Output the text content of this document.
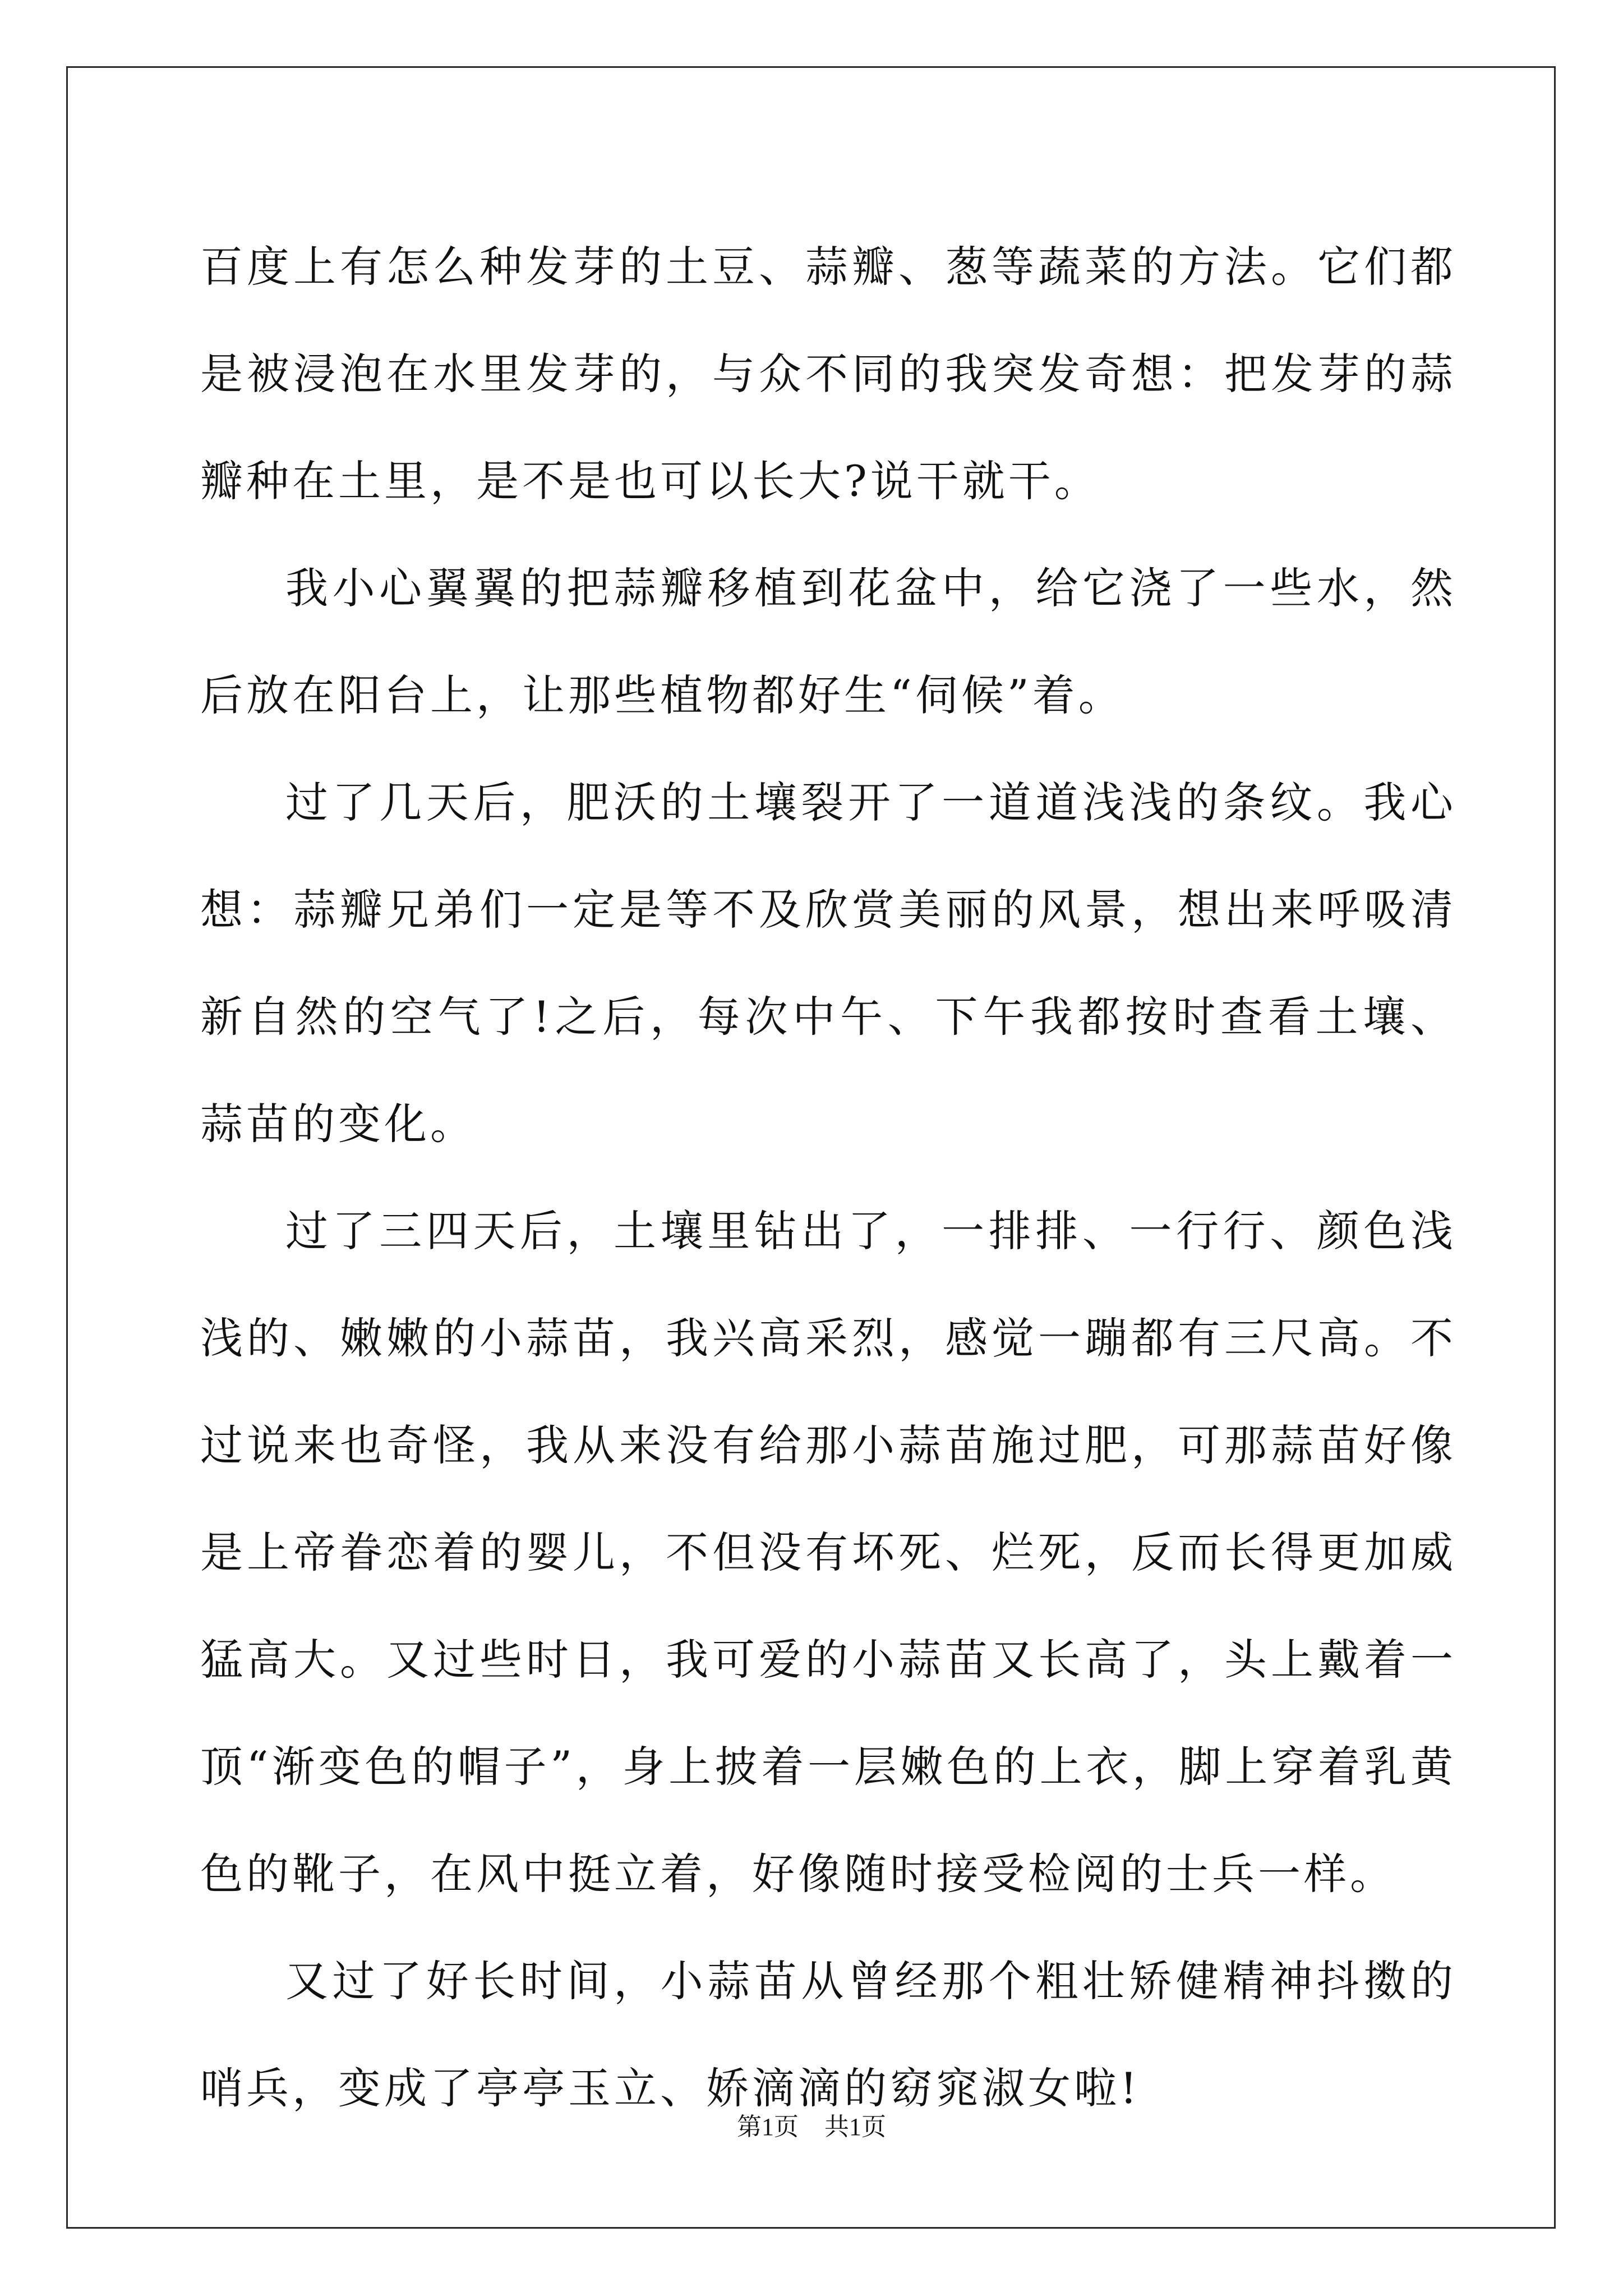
百度上有怎么种发芽的土豆、蒜瓣、葱等蔬菜的方法。它们都是被浸泡在水里发芽的，与众不同的我突发奇想：把发芽的蒜瓣种在土里，是不是也可以长大?说干就干。

我小心翼翼的把蒜瓣移植到花盆中，给它浇了一些水，然后放在阳台上，让那些植物都好生“伺候”着。

过了几天后，肥沃的土壤裂开了一道道浅浅的条纹。我心想：蒜瓣兄弟们一定是等不及欣赏美丽的风景，想出来呼吸清新自然的空气了!之后，每次中午、下午我都按时查看土壤、蒜苗的变化。

过了三四天后，土壤里钻出了，一排排、一行行、颜色浅浅的、嫩嫩的小蒜苗，我兴高采烈，感觉一蹦都有三尺高。不过说来也奇怪，我从来没有给那小蒜苗施过肥，可那蒜苗好像是上帝眷恋着的婴儿，不但没有坏死、烂死，反而长得更加威猛高大。又过些时日，我可爱的小蒜苗又长高了，头上戴着一顶“渐变色的帽子”，身上披着一层嫩色的上衣，脚上穿着乳黄色的靴子，在风中挺立着，好像随时接受检阅的士兵一样。

又过了好长时间，小蒜苗从曾经那个粗壮矫健精神抖擞的哨兵，变成了亭亭玉立、娇滴滴的窈窕淑女啦!

第1页 共1页
